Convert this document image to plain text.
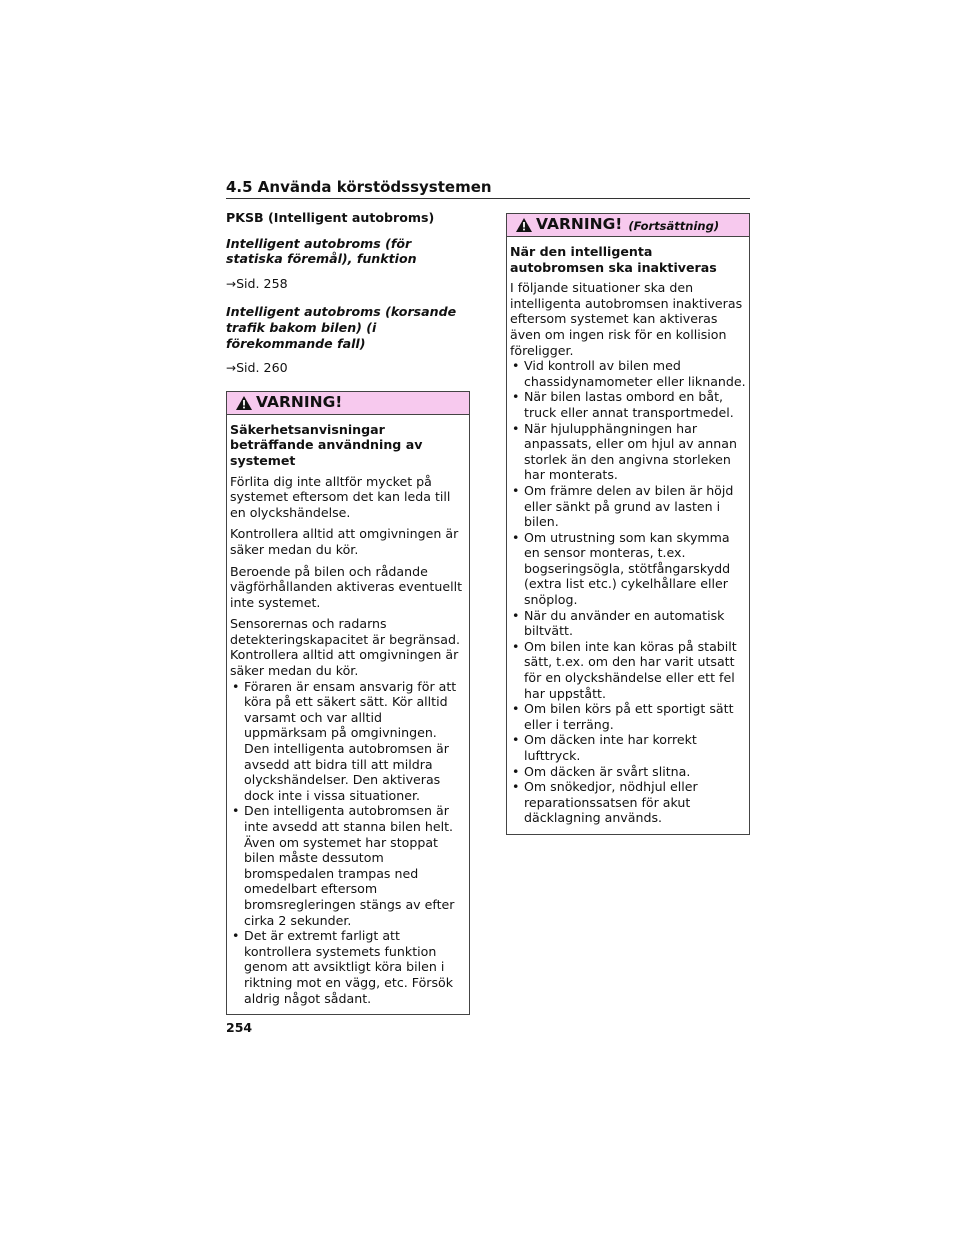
4.5 Använda körstödssystemen
PKSB (Intelligent autobroms)
Intelligent autobroms (för statiska föremål), funktion
→Sid. 258
Intelligent autobroms (korsande trafik bakom bilen) (i förekommande fall)
→Sid. 260
VARNING!
Säkerhetsanvisningar beträffande användning av systemet

Förlita dig inte alltför mycket på systemet eftersom det kan leda till en olyckshändelse.

Kontrollera alltid att omgivningen är säker medan du kör.

Beroende på bilen och rådande vägförhållanden aktiveras eventuellt inte systemet.

Sensorernas och radarns detekteringskapacitet är begränsad. Kontrollera alltid att omgivningen är säker medan du kör.

• Föraren är ensam ansvarig för att köra på ett säkert sätt. Kör alltid varsamt och var alltid uppmärksam på omgivningen. Den intelligenta autobromsen är avsedd att bidra till att mildra olyckshändelser. Den aktiveras dock inte i vissa situationer.
• Den intelligenta autobromsen är inte avsedd att stanna bilen helt. Även om systemet har stoppat bilen måste dessutom bromspedalen trampas ned omedelbart eftersom bromsregleringen stängs av efter cirka 2 sekunder.
• Det är extremt farligt att kontrollera systemets funktion genom att avsiktligt köra bilen i riktning mot en vägg, etc. Försök aldrig något sådant.
VARNING! (Fortsättning)
När den intelligenta autobromsen ska inaktiveras

I följande situationer ska den intelligenta autobromsen inaktiveras eftersom systemet kan aktiveras även om ingen risk för en kollision föreligger.

• Vid kontroll av bilen med chassidynamometer eller liknande.
• När bilen lastas ombord en båt, truck eller annat transportmedel.
• När hjulupphängningen har anpassats, eller om hjul av annan storlek än den angivna storleken har monterats.
• Om främre delen av bilen är höjd eller sänkt på grund av lasten i bilen.
• Om utrustning som kan skymma en sensor monteras, t.ex. bogseringsögla, stötfångarskydd (extra list etc.) cykelhållare eller snöplog.
• När du använder en automatisk biltvätt.
• Om bilen inte kan köras på stabilt sätt, t.ex. om den har varit utsatt för en olyckshändelse eller ett fel har uppstått.
• Om bilen körs på ett sportigt sätt eller i terräng.
• Om däcken inte har korrekt lufttryck.
• Om däcken är svårt slitna.
• Om snökedjor, nödhjul eller reparationssatsen för akut däcklagning används.
254
